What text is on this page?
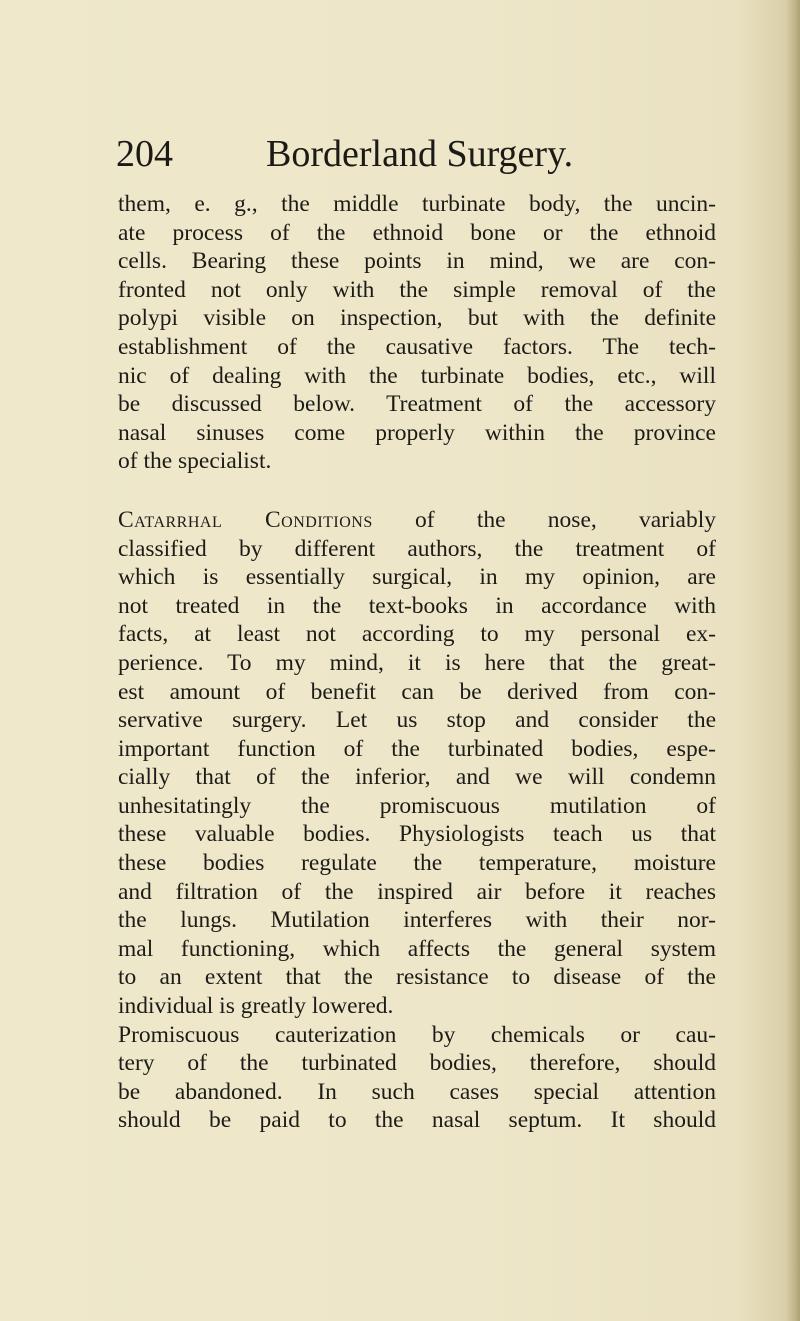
204 Borderland Surgery.
them, e. g., the middle turbinate body, the uncin-
ate process of the ethnoid bone or the ethnoid
cells. Bearing these points in mind, we are con-
fronted not only with the simple removal of the
polypi visible on inspection, but with the definite
establishment of the causative factors. The tech-
nic of dealing with the turbinate bodies, etc., will
be discussed below. Treatment of the accessory
nasal sinuses come properly within the province
of the specialist.
Catarrhal Conditions of the nose, variably
classified by different authors, the treatment of
which is essentially surgical, in my opinion, are
not treated in the text-books in accordance with
facts, at least not according to my personal ex-
perience. To my mind, it is here that the great-
est amount of benefit can be derived from con-
servative surgery. Let us stop and consider the
important function of the turbinated bodies, espe-
cially that of the inferior, and we will condemn
unhesitatingly the promiscuous mutilation of
these valuable bodies. Physiologists teach us that
these bodies regulate the temperature, moisture
and filtration of the inspired air before it reaches
the lungs. Mutilation interferes with their nor-
mal functioning, which affects the general system
to an extent that the resistance to disease of the
individual is greatly lowered.
Promiscuous cauterization by chemicals or cau-
tery of the turbinated bodies, therefore, should
be abandoned. In such cases special attention
should be paid to the nasal septum. It should
